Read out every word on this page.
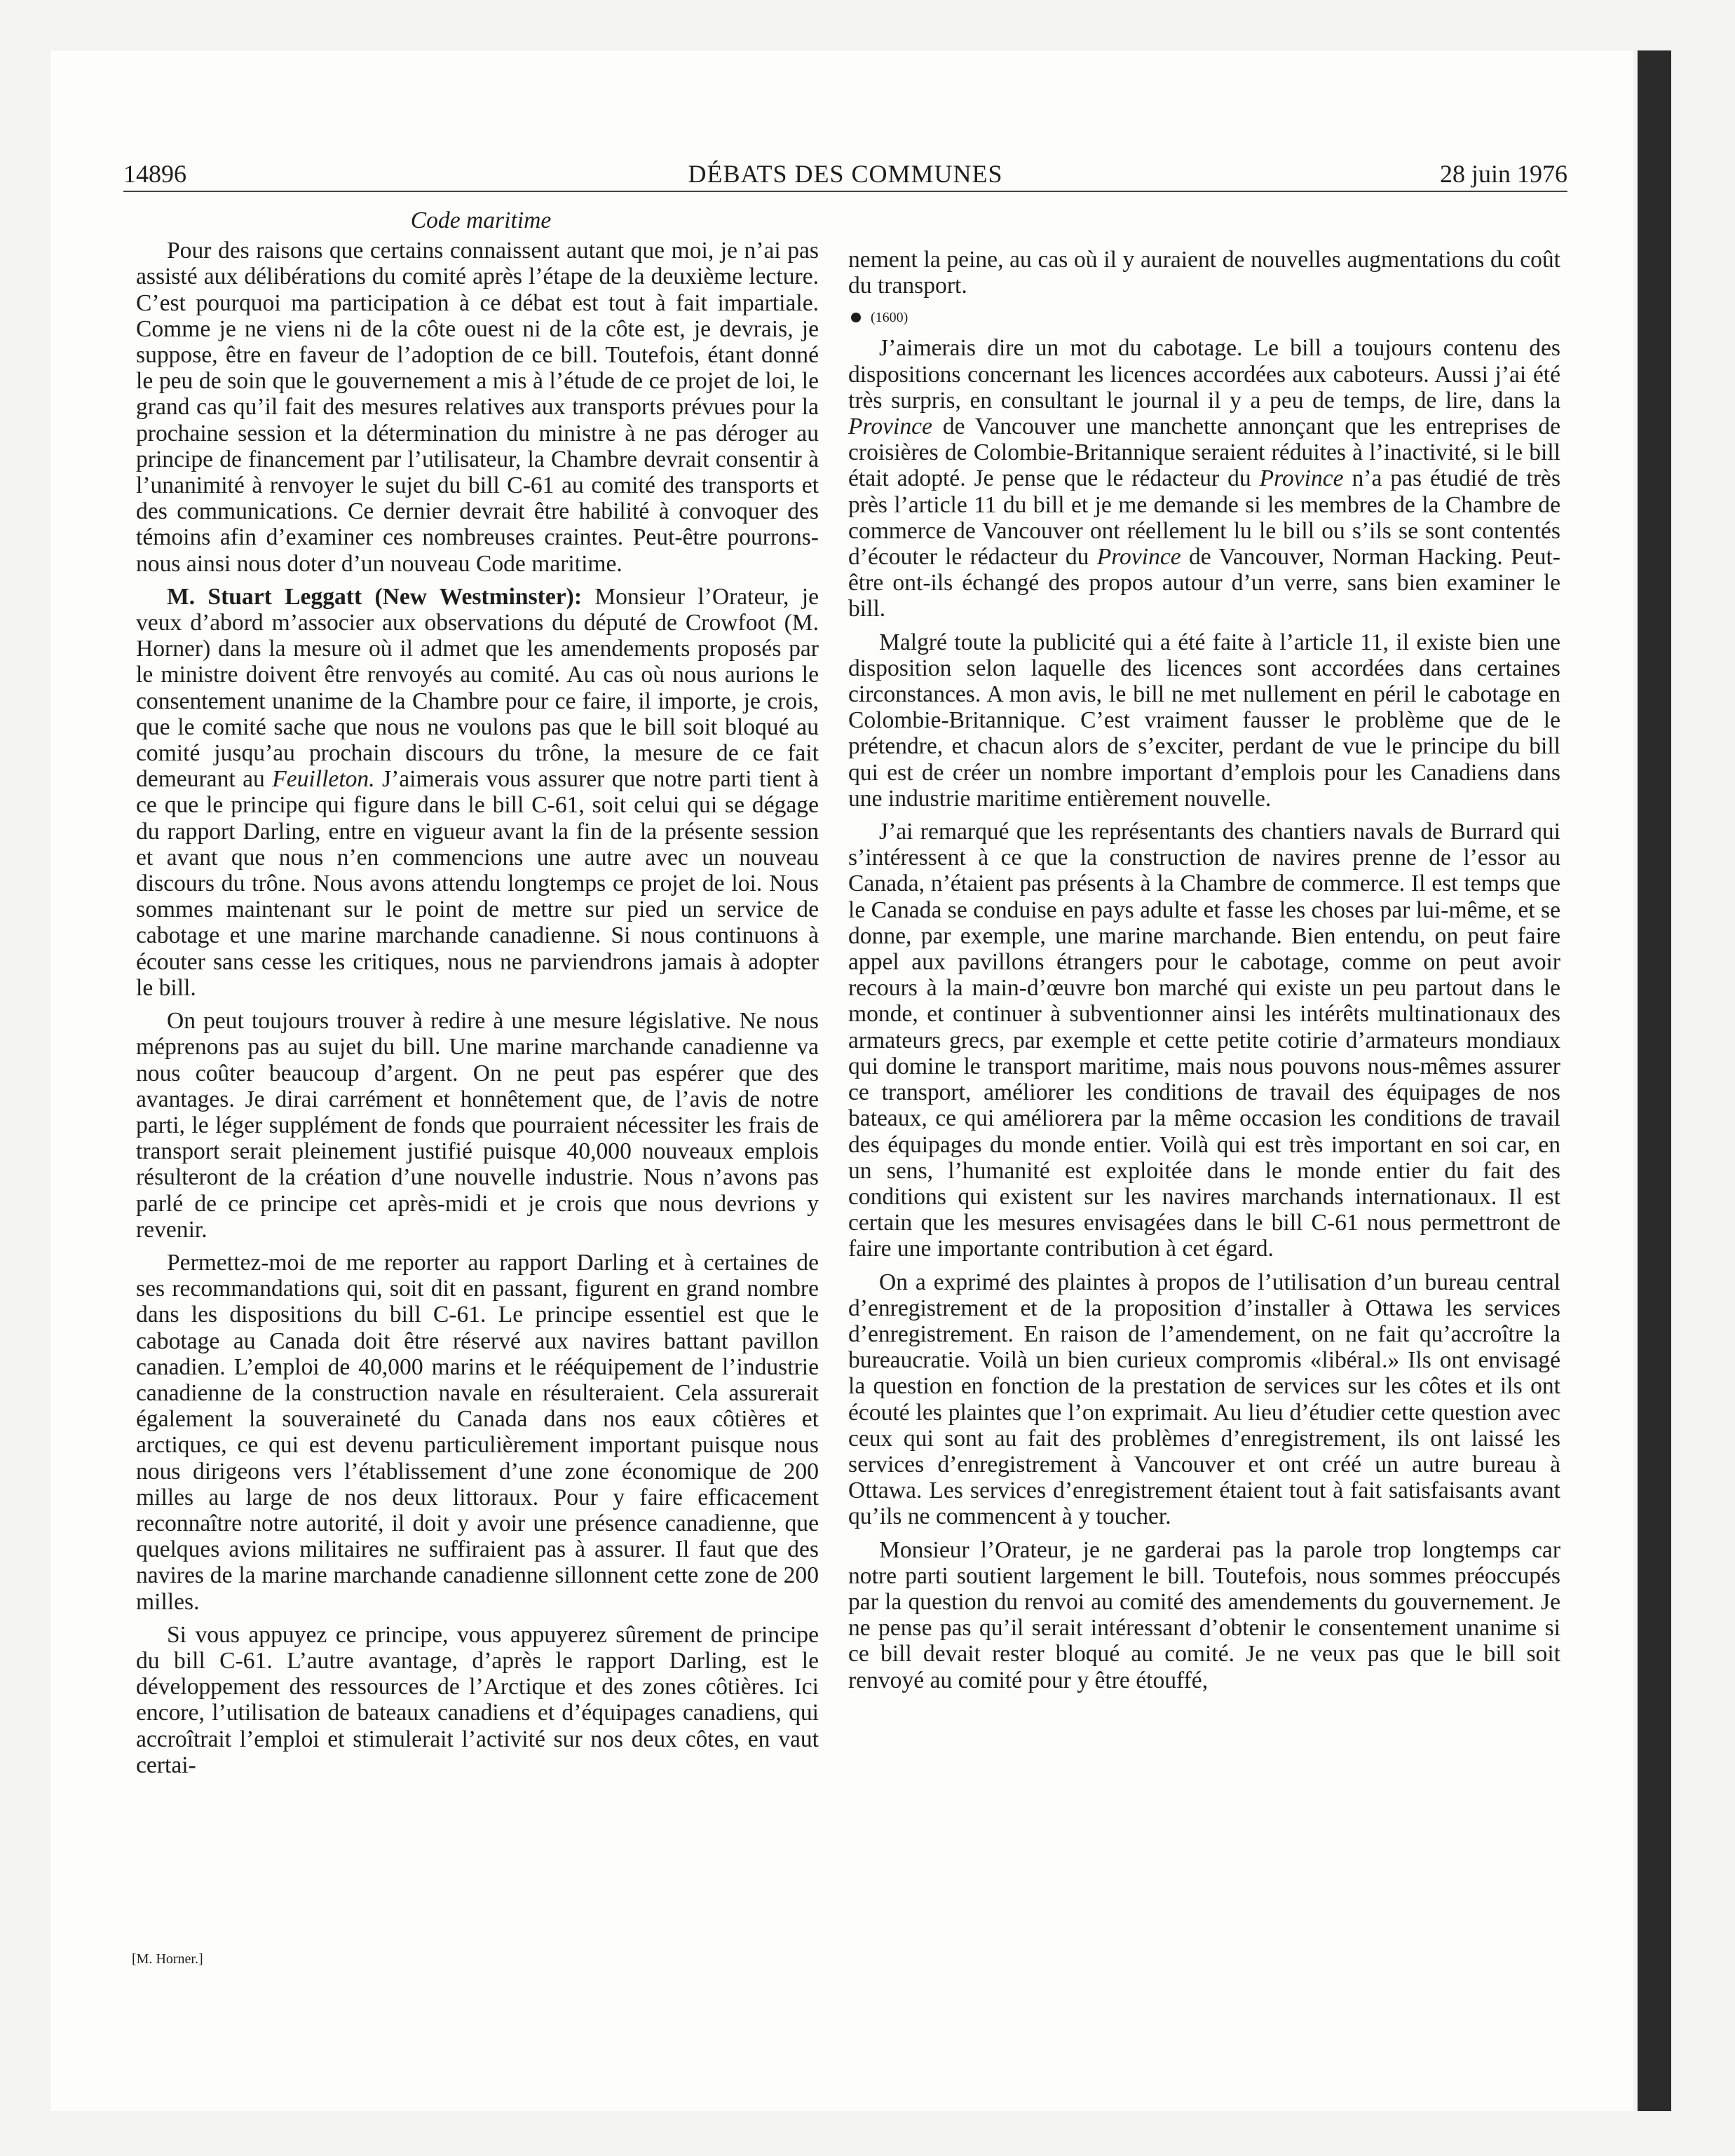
14896	DÉBATS DES COMMUNES	28 juin 1976
Code maritime

Pour des raisons que certains connaissent autant que moi, je n’ai pas assisté aux délibérations du comité après l’étape de la deuxième lecture. C’est pourquoi ma participation à ce débat est tout à fait impartiale. Comme je ne viens ni de la côte ouest ni de la côte est, je devrais, je suppose, être en faveur de l’adoption de ce bill. Toutefois, étant donné le peu de soin que le gouvernement a mis à l’étude de ce projet de loi, le grand cas qu’il fait des mesures relatives aux transports prévues pour la prochaine session et la détermination du ministre à ne pas déroger au principe de financement par l’utilisateur, la Chambre devrait consentir à l’unanimité à renvoyer le sujet du bill C-61 au comité des transports et des communications. Ce dernier devrait être habilité à convoquer des témoins afin d’examiner ces nombreuses craintes. Peut-être pourrons-nous ainsi nous doter d’un nouveau Code maritime.

M. Stuart Leggatt (New Westminster): Monsieur l’Orateur, je veux d’abord m’associer aux observations du député de Crowfoot (M. Horner) dans la mesure où il admet que les amendements proposés par le ministre doivent être renvoyés au comité. Au cas où nous aurions le consentement unanime de la Chambre pour ce faire, il importe, je crois, que le comité sache que nous ne voulons pas que le bill soit bloqué au comité jusqu’au prochain discours du trône, la mesure de ce fait demeurant au Feuilleton. J’aimerais vous assurer que notre parti tient à ce que le principe qui figure dans le bill C-61, soit celui qui se dégage du rapport Darling, entre en vigueur avant la fin de la présente session et avant que nous n’en commencions une autre avec un nouveau discours du trône. Nous avons attendu longtemps ce projet de loi. Nous sommes maintenant sur le point de mettre sur pied un service de cabotage et une marine marchande canadienne. Si nous continuons à écouter sans cesse les critiques, nous ne parviendrons jamais à adopter le bill.

On peut toujours trouver à redire à une mesure législative. Ne nous méprenons pas au sujet du bill. Une marine marchande canadienne va nous coûter beaucoup d’argent. On ne peut pas espérer que des avantages. Je dirai carrément et honnêtement que, de l’avis de notre parti, le léger supplément de fonds que pourraient nécessiter les frais de transport serait pleinement justifié puisque 40,000 nouveaux emplois résulteront de la création d’une nouvelle industrie. Nous n’avons pas parlé de ce principe cet après-midi et je crois que nous devrions y revenir.

Permettez-moi de me reporter au rapport Darling et à certaines de ses recommandations qui, soit dit en passant, figurent en grand nombre dans les dispositions du bill C-61. Le principe essentiel est que le cabotage au Canada doit être réservé aux navires battant pavillon canadien. L’emploi de 40,000 marins et le rééquipement de l’industrie canadienne de la construction navale en résulteraient. Cela assurerait également la souveraineté du Canada dans nos eaux côtières et arctiques, ce qui est devenu particulièrement important puisque nous nous dirigeons vers l’établissement d’une zone économique de 200 milles au large de nos deux littoraux. Pour y faire efficacement reconnaître notre autorité, il doit y avoir une présence canadienne, que quelques avions militaires ne suffiraient pas à assurer. Il faut que des navires de la marine marchande canadienne sillonnent cette zone de 200 milles.

Si vous appuyez ce principe, vous appuyerez sûrement de principe du bill C-61. L’autre avantage, d’après le rapport Darling, est le développement des ressources de l’Arctique et des zones côtières. Ici encore, l’utilisation de bateaux canadiens et d’équipages canadiens, qui accroîtrait l’emploi et stimulerait l’activité sur nos deux côtes, en vaut certai-

nement la peine, au cas où il y auraient de nouvelles augmentations du coût du transport.

(1600)

J’aimerais dire un mot du cabotage. Le bill a toujours contenu des dispositions concernant les licences accordées aux caboteurs. Aussi j’ai été très surpris, en consultant le journal il y a peu de temps, de lire, dans la Province de Vancouver une manchette annonçant que les entreprises de croisières de Colombie-Britannique seraient réduites à l’inactivité, si le bill était adopté. Je pense que le rédacteur du Province n’a pas étudié de très près l’article 11 du bill et je me demande si les membres de la Chambre de commerce de Vancouver ont réellement lu le bill ou s’ils se sont contentés d’écouter le rédacteur du Province de Vancouver, Norman Hacking. Peut-être ont-ils échangé des propos autour d’un verre, sans bien examiner le bill.

Malgré toute la publicité qui a été faite à l’article 11, il existe bien une disposition selon laquelle des licences sont accordées dans certaines circonstances. A mon avis, le bill ne met nullement en péril le cabotage en Colombie-Britannique. C’est vraiment fausser le problème que de le prétendre, et chacun alors de s’exciter, perdant de vue le principe du bill qui est de créer un nombre important d’emplois pour les Canadiens dans une industrie maritime entièrement nouvelle.

J’ai remarqué que les représentants des chantiers navals de Burrard qui s’intéressent à ce que la construction de navires prenne de l’essor au Canada, n’étaient pas présents à la Chambre de commerce. Il est temps que le Canada se conduise en pays adulte et fasse les choses par lui-même, et se donne, par exemple, une marine marchande. Bien entendu, on peut faire appel aux pavillons étrangers pour le cabotage, comme on peut avoir recours à la main-d’œuvre bon marché qui existe un peu partout dans le monde, et continuer à subventionner ainsi les intérêts multinationaux des armateurs grecs, par exemple et cette petite cotirie d’armateurs mondiaux qui domine le transport maritime, mais nous pouvons nous-mêmes assurer ce transport, améliorer les conditions de travail des équipages de nos bateaux, ce qui améliorera par la même occasion les conditions de travail des équipages du monde entier. Voilà qui est très important en soi car, en un sens, l’humanité est exploitée dans le monde entier du fait des conditions qui existent sur les navires marchands internationaux. Il est certain que les mesures envisagées dans le bill C-61 nous permettront de faire une importante contribution à cet égard.

On a exprimé des plaintes à propos de l’utilisation d’un bureau central d’enregistrement et de la proposition d’installer à Ottawa les services d’enregistrement. En raison de l’amendement, on ne fait qu’accroître la bureaucratie. Voilà un bien curieux compromis «libéral.» Ils ont envisagé la question en fonction de la prestation de services sur les côtes et ils ont écouté les plaintes que l’on exprimait. Au lieu d’étudier cette question avec ceux qui sont au fait des problèmes d’enregistrement, ils ont laissé les services d’enregistrement à Vancouver et ont créé un autre bureau à Ottawa. Les services d’enregistrement étaient tout à fait satisfaisants avant qu’ils ne commencent à y toucher.

Monsieur l’Orateur, je ne garderai pas la parole trop longtemps car notre parti soutient largement le bill. Toutefois, nous sommes préoccupés par la question du renvoi au comité des amendements du gouvernement. Je ne pense pas qu’il serait intéressant d’obtenir le consentement unanime si ce bill devait rester bloqué au comité. Je ne veux pas que le bill soit renvoyé au comité pour y être étouffé,

[M. Horner.]
